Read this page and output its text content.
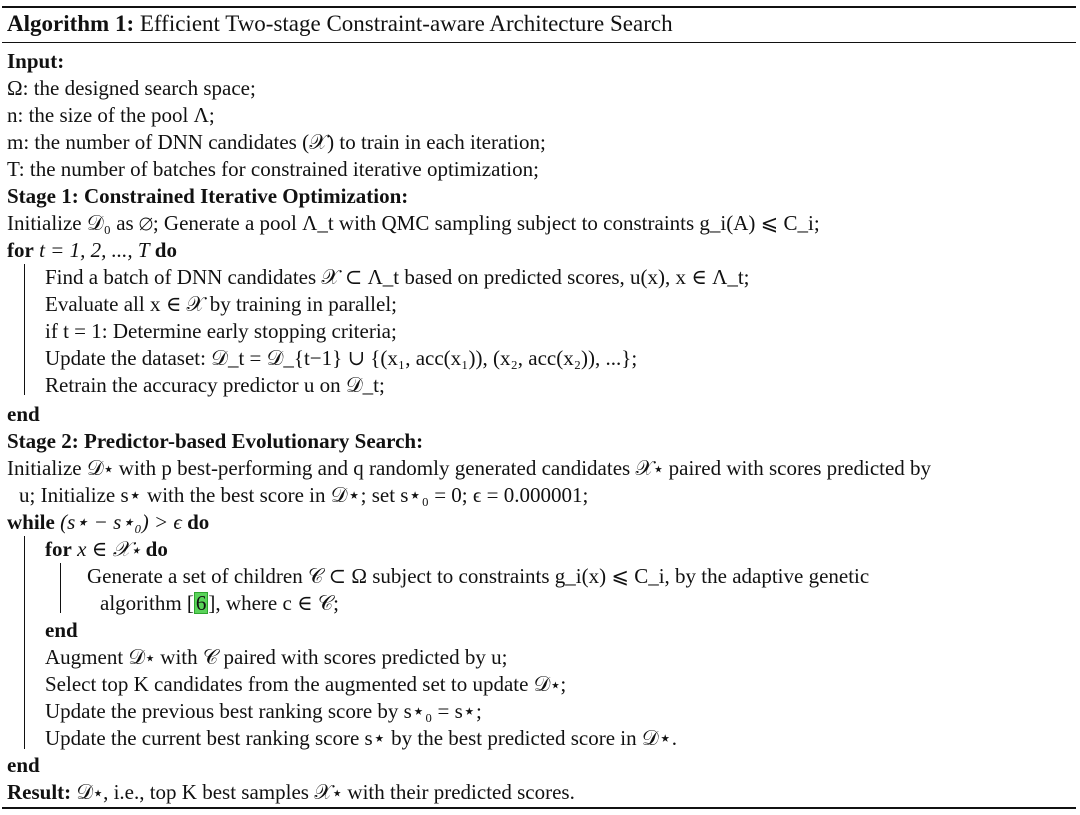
Algorithm 1: Efficient Two-stage Constraint-aware Architecture Search
Input:
Ω: the designed search space;
n: the size of the pool Λ;
m: the number of DNN candidates (𝒳) to train in each iteration;
T: the number of batches for constrained iterative optimization;
Stage 1: Constrained Iterative Optimization:
Initialize 𝒟₀ as ∅; Generate a pool Λ_t with QMC sampling subject to constraints g_i(A) ⩽ C_i;
for t = 1, 2, ..., T do
Find a batch of DNN candidates 𝒳 ⊂ Λ_t based on predicted scores, u(x), x ∈ Λ_t;
Evaluate all x ∈ 𝒳 by training in parallel;
if t = 1: Determine early stopping criteria;
Update the dataset: 𝒟_t = 𝒟_{t−1} ∪ {(x₁, acc(x₁)), (x₂, acc(x₂)), ...};
Retrain the accuracy predictor u on 𝒟_t;
end
Stage 2: Predictor-based Evolutionary Search:
Initialize 𝒟⋆ with p best-performing and q randomly generated candidates 𝒳⋆ paired with scores predicted by
u; Initialize s⋆ with the best score in 𝒟⋆; set s⋆₀ = 0; ϵ = 0.000001;
while (s⋆ − s⋆₀) > ϵ do
for x ∈ 𝒳⋆ do
Generate a set of children 𝒞 ⊂ Ω subject to constraints g_i(x) ⩽ C_i, by the adaptive genetic
algorithm [6], where c ∈ 𝒞;
end
Augment 𝒟⋆ with 𝒞 paired with scores predicted by u;
Select top K candidates from the augmented set to update 𝒟⋆;
Update the previous best ranking score by s⋆₀ = s⋆;
Update the current best ranking score s⋆ by the best predicted score in 𝒟⋆.
end
Result: 𝒟⋆, i.e., top K best samples 𝒳⋆ with their predicted scores.
